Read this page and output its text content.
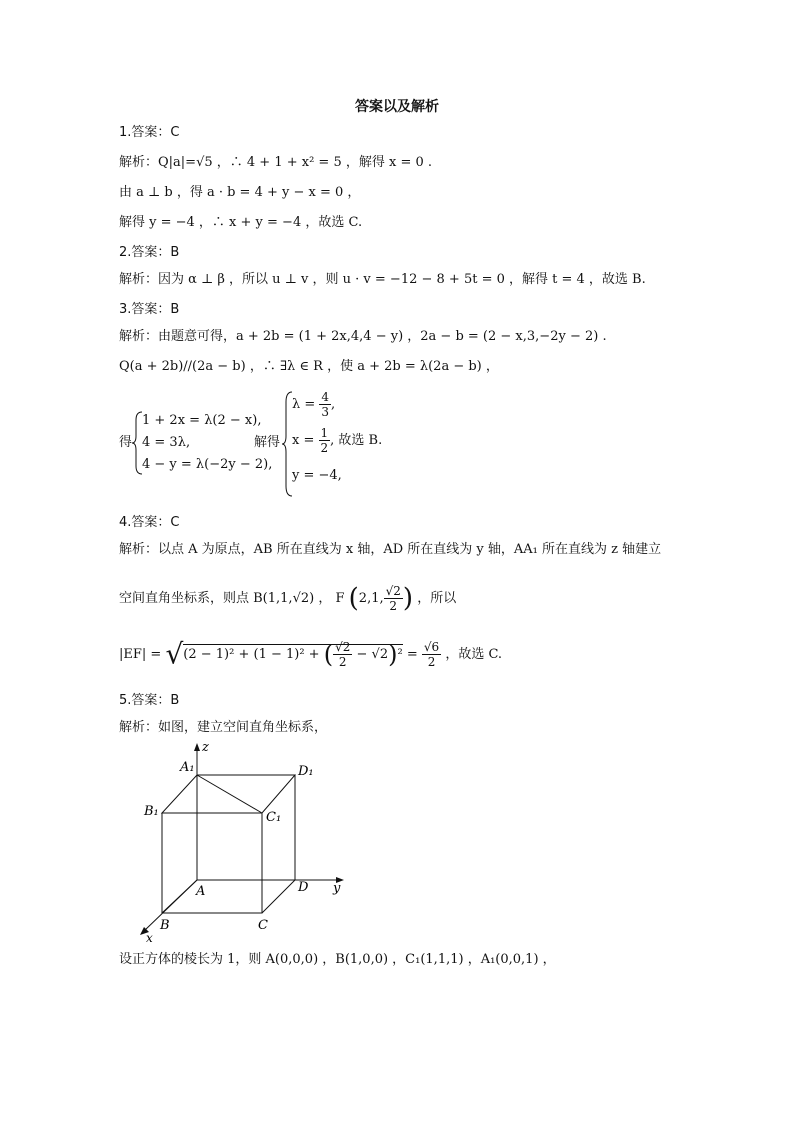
答案以及解析
1.答案：C
解析：Q|a|=√5 ，∴ 4 + 1 + x² = 5 ，解得 x = 0 .
由 a ⊥ b ，得 a · b = 4 + y − x = 0 ，
解得 y = −4 ，∴ x + y = −4 ，故选 C.
2.答案：B
解析：因为 α ⊥ β ，所以 u ⊥ v ，则 u · v = −12 − 8 + 5t = 0 ，解得 t = 4 ，故选 B.
3.答案：B
解析：由题意可得，a + 2b = (1 + 2x,4,4 − y) ，2a − b = (2 − x,3,−2y − 2) .
Q(a + 2b)//(2a − b) ，∴ ∃λ ∈ R ，使 a + 2b = λ(2a − b) ，
得
1 + 2x = λ(2 − x),
4 = 3λ,
4 − y = λ(−2y − 2),
解得
$\lambda = \frac{4}{3}$ ,
$x = \frac{1}{2}$ , 故选 B.
y = −4,
4.答案：C
解析：以点 A 为原点，AB 所在直线为 x 轴，AD 所在直线为 y 轴，AA₁ 所在直线为 z 轴建立
空间直角坐标系，则点 B(1,1,√2) ， F (2,1, $\frac{√2}{2}$ ) ，所以
|EF| = √(2 − 1)² + (1 − 1)² + ( $\frac{√2}{2} - √2)^2 = \frac{√6}{2}$ ，故选 C.
5.答案：B
解析：如图，建立空间直角坐标系，
z
y
x
A₁	D₁
B₁	C₁
A	D
B	C
设正方体的棱长为 1，则 A(0,0,0) ，B(1,0,0) ，C₁(1,1,1) ，A₁(0,0,1) ，
